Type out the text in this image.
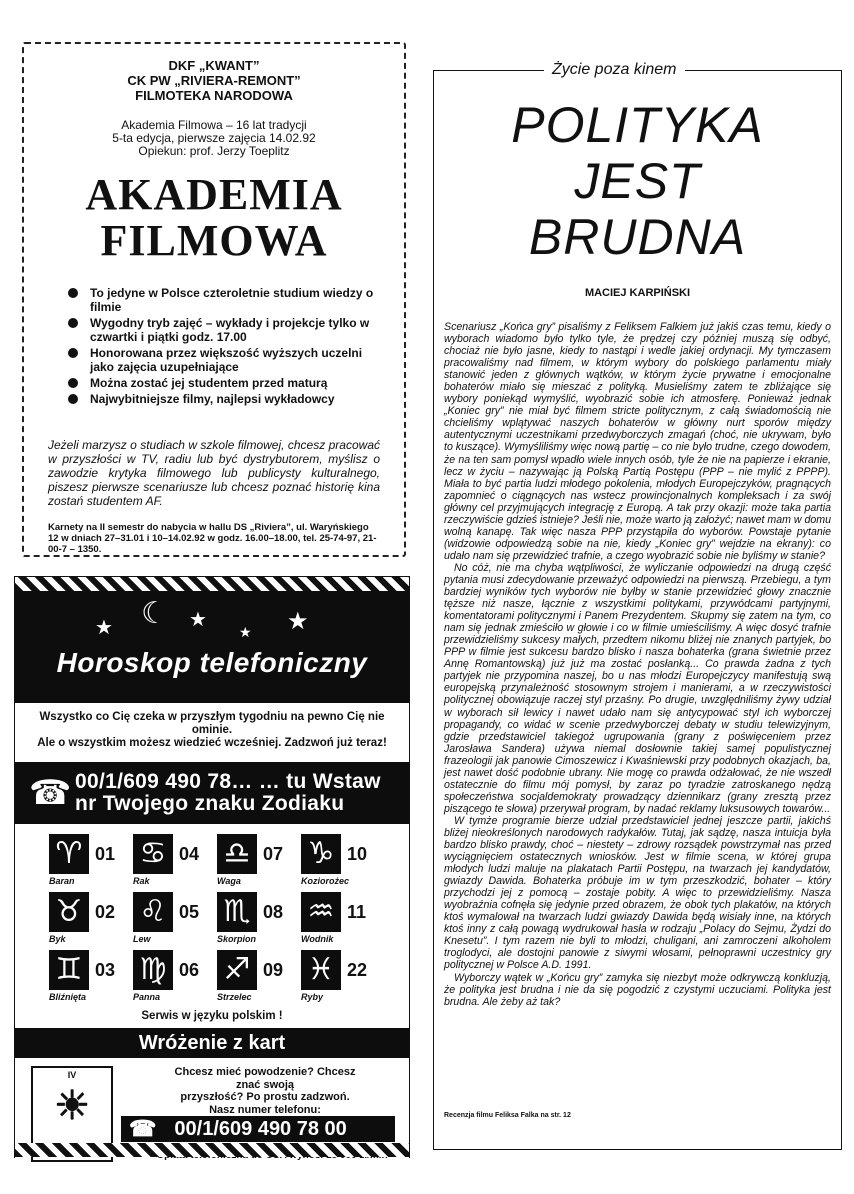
DKF „KWANT”
CK PW „RIVIERA-REMONT”
FILMOTEKA NARODOWA
Akademia Filmowa – 16 lat tradycji
5-ta edycja, pierwsze zajęcia 14.02.92
Opiekun: prof. Jerzy Toeplitz
AKADEMIA
FILMOWA
To jedyne w Polsce czteroletnie studium wiedzy o filmie
Wygodny tryb zajęć – wykłady i projekcje tylko w czwartki i piątki godz. 17.00
Honorowana przez większość wyższych uczelni jako zajęcia uzupełniające
Można zostać jej studentem przed maturą
Najwybitniejsze filmy, najlepsi wykładowcy

Jeżeli marzysz o studiach w szkole filmowej, chcesz pracować w przyszłości w TV, radiu lub być dystrybutorem, myślisz o zawodzie krytyka filmowego lub publicysty kulturalnego, piszesz pierwsze scenariusze lub chcesz poznać historię kina zostań studentem AF.

Karnety na II semestr do nabycia w hallu DS „Riviera”, ul. Waryńskiego 12 w dniach 27–31.01 i 10–14.02.92 w godz. 16.00–18.00, tel. 25-74-97, 21-00-7 – 1350.

★ ☾ ★
★ ★
Horoskop telefoniczny
Wszystko co Cię czeka w przyszłym tygodniu na pewno Cię nie ominie.
Ale o wszystkim możesz wiedzieć wcześniej. Zadzwoń już teraz!
☎ 00/1/609 490 78… … tu Wstaw
nr Twojego znaku Zodiaku
♈ 01
Baran
♋ 04
Rak
♎ 07
Waga
♑ 10
Koziorożec
♉ 02
Byk
♌ 05
Lew
♏ 08
Skorpion
♒ 11
Wodnik
♊ 03
Bliźnięta
♍ 06
Panna
♐ 09
Strzelec
♓ 22
Ryby
Serwis w języku polskim !
Wróżenie z kart
IV
☀
Chcesz mieć powodzenie? Chcesz znać swoją
przyszłość? Po prostu zadzwoń.
Nasz numer telefonu:
☎ 00/1/609 490 78 00
Życie poza kinem
POLITYKA
JEST
BRUDNA
MACIEJ KARPIŃSKI

Scenariusz „Końca gry” pisaliśmy z Feliksem Falkiem już jakiś czas temu, kiedy o wyborach wiadomo było tylko tyle, że prędzej czy później muszą się odbyć, chociaż nie było jasne, kiedy to nastąpi i wedle jakiej ordynacji. My tymczasem pracowaliśmy nad filmem, w którym wybory do polskiego parlamentu miały stanowić jeden z głównych wątków, w którym życie prywatne i emocjonalne bohaterów miało się mieszać z polityką. Musieliśmy zatem te zbliżające się wybory poniekąd wymyślić, wyobrazić sobie ich atmosferę. Ponieważ jednak „Koniec gry” nie miał być filmem stricte politycznym, z całą świadomością nie chcieliśmy wplątywać naszych bohaterów w główny nurt sporów między autentycznymi uczestnikami przedwyborczych zmagań (choć, nie ukrywam, było to kuszące). Wymyśliliśmy więc nową partię – co nie było trudne, czego dowodem, że na ten sam pomysł wpadło wiele innych osób, tyle że nie na papierze i ekranie, lecz w życiu – nazywając ją Polską Partią Postępu (PPP – nie mylić z PPPP). Miała to być partia ludzi młodego pokolenia, młodych Europejczyków, pragnących zapomnieć o ciągnących nas wstecz prowincjonalnych kompleksach i za swój główny cel przyjmujących integrację z Europą. A tak przy okazji: może taka partia rzeczywiście gdzieś istnieje? Jeśli nie, może warto ją założyć; nawet mam w domu wolną kanapę. Tak więc nasza PPP przystąpiła do wyborów. Powstaje pytanie (widzowie odpowiedzą sobie na nie, kiedy „Koniec gry” wejdzie na ekrany): co udało nam się przewidzieć trafnie, a czego wyobrazić sobie nie byliśmy w stanie?

No cóż, nie ma chyba wątpliwości, że wyliczanie odpowiedzi na drugą część pytania musi zdecydowanie przeważyć odpowiedzi na pierwszą. Przebiegu, a tym bardziej wyników tych wyborów nie byłby w stanie przewidzieć głowy znacznie tęższe niż nasze, łącznie z wszystkimi politykami, przywódcami partyjnymi, komentatorami politycznymi i Panem Prezydentem. Skupmy się zatem na tym, co nam się jednak zmieściło w głowie i co w filmie umieściliśmy. A więc dosyć trafnie przewidzieliśmy sukcesy małych, przedtem nikomu bliżej nie znanych partyjek, bo PPP w filmie jest sukcesu bardzo blisko i nasza bohaterka (grana świetnie przez Annę Romantowską) już już ma zostać posłanką... Co prawda żadna z tych partyjek nie przypomina naszej, bo u nas młodzi Europejczycy manifestują swą europejską przynależność stosownym strojem i manierami, a w rzeczywistości politycznej obowiązuje raczej styl przaśny. Po drugie, uwzględniliśmy żywy udział w wyborach sił lewicy i nawet udało nam się antycypować styl ich wyborczej propagandy, co widać w scenie przedwyborczej debaty w studiu telewizyjnym, gdzie przedstawiciel takiegoż ugrupowania (grany z poświęceniem przez Jarosława Sandera) używa niemal dosłownie takiej samej populistycznej frazeologii jak panowie Cimoszewicz i Kwaśniewski przy podobnych okazjach, ba, jest nawet dość podobnie ubrany. Nie mogę co prawda odżałować, że nie wszedł ostatecznie do filmu mój pomysł, by zaraz po tyradzie zatroskanego nędzą społeczeństwa socjaldemokraty prowadzący dziennikarz (grany zresztą przez piszącego te słowa) przerywał program, by nadać reklamy luksusowych towarów...

W tymże programie bierze udział przedstawiciel jednej jeszcze partii, jakichś bliżej nieokreślonych narodowych radykałów. Tutaj, jak sądzę, nasza intuicja była bardzo blisko prawdy, choć – niestety – zdrowy rozsądek powstrzymał nas przed wyciągnięciem ostatecznych wniosków. Jest w filmie scena, w której grupa młodych ludzi maluje na plakatach Partii Postępu, na twarzach jej kandydatów, gwiazdy Dawida. Bohaterka próbuje im w tym przeszkodzić, bohater – który przychodzi jej z pomocą – zostaje pobity. A więc to przewidzieliśmy. Nasza wyobraźnia cofnęła się jedynie przed obrazem, że obok tych plakatów, na których ktoś wymalował na twarzach ludzi gwiazdy Dawida będą wisiały inne, na których ktoś inny z całą powagą wydrukował hasła w rodzaju „Polacy do Sejmu, Żydzi do Knesetu”. I tym razem nie byli to młodzi, chuligani, ani zamroczeni alkoholem troglodyci, ale dostojni panowie z siwymi włosami, pełnoprawni uczestnicy gry politycznej w Polsce A.D. 1991.

Wyborczy wątek w „Końcu gry” zamyka się niezbyt może odkrywczą konkluzją, że polityka jest brudna i nie da się pogodzić z czystymi uczuciami. Polityka jest brudna. Ale żeby aż tak?

Recenzja filmu Feliksa Falka na str. 12
